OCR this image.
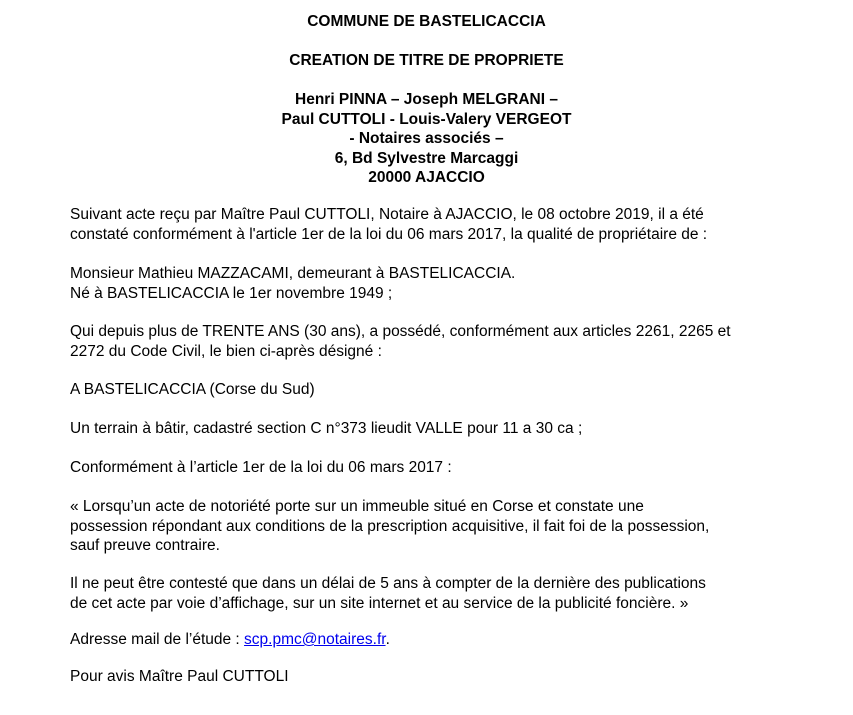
COMMUNE DE BASTELICACCIA
CREATION DE TITRE DE PROPRIETE
Henri PINNA – Joseph MELGRANI –
Paul CUTTOLI - Louis-Valery VERGEOT
- Notaires associés –
6, Bd Sylvestre Marcaggi
20000 AJACCIO
Suivant acte reçu par Maître Paul CUTTOLI, Notaire à AJACCIO, le 08 octobre 2019, il a été
constaté conformément à l'article 1er de la loi du 06 mars 2017, la qualité de propriétaire de :
Monsieur Mathieu MAZZACAMI, demeurant à BASTELICACCIA.
Né à BASTELICACCIA le 1er novembre 1949 ;
Qui depuis plus de TRENTE ANS (30 ans), a possédé, conformément aux articles 2261, 2265 et
2272 du Code Civil, le bien ci-après désigné :
A BASTELICACCIA (Corse du Sud)
Un terrain à bâtir, cadastré section C n°373 lieudit VALLE pour 11 a 30 ca ;
Conformément à l’article 1er de la loi du 06 mars 2017 :
« Lorsqu’un acte de notoriété porte sur un immeuble situé en Corse et constate une
possession répondant aux conditions de la prescription acquisitive, il fait foi de la possession,
sauf preuve contraire.
Il ne peut être contesté que dans un délai de 5 ans à compter de la dernière des publications
de cet acte par voie d’affichage, sur un site internet et au service de la publicité foncière. »
Adresse mail de l’étude : scp.pmc@notaires.fr.
Pour avis Maître Paul CUTTOLI
